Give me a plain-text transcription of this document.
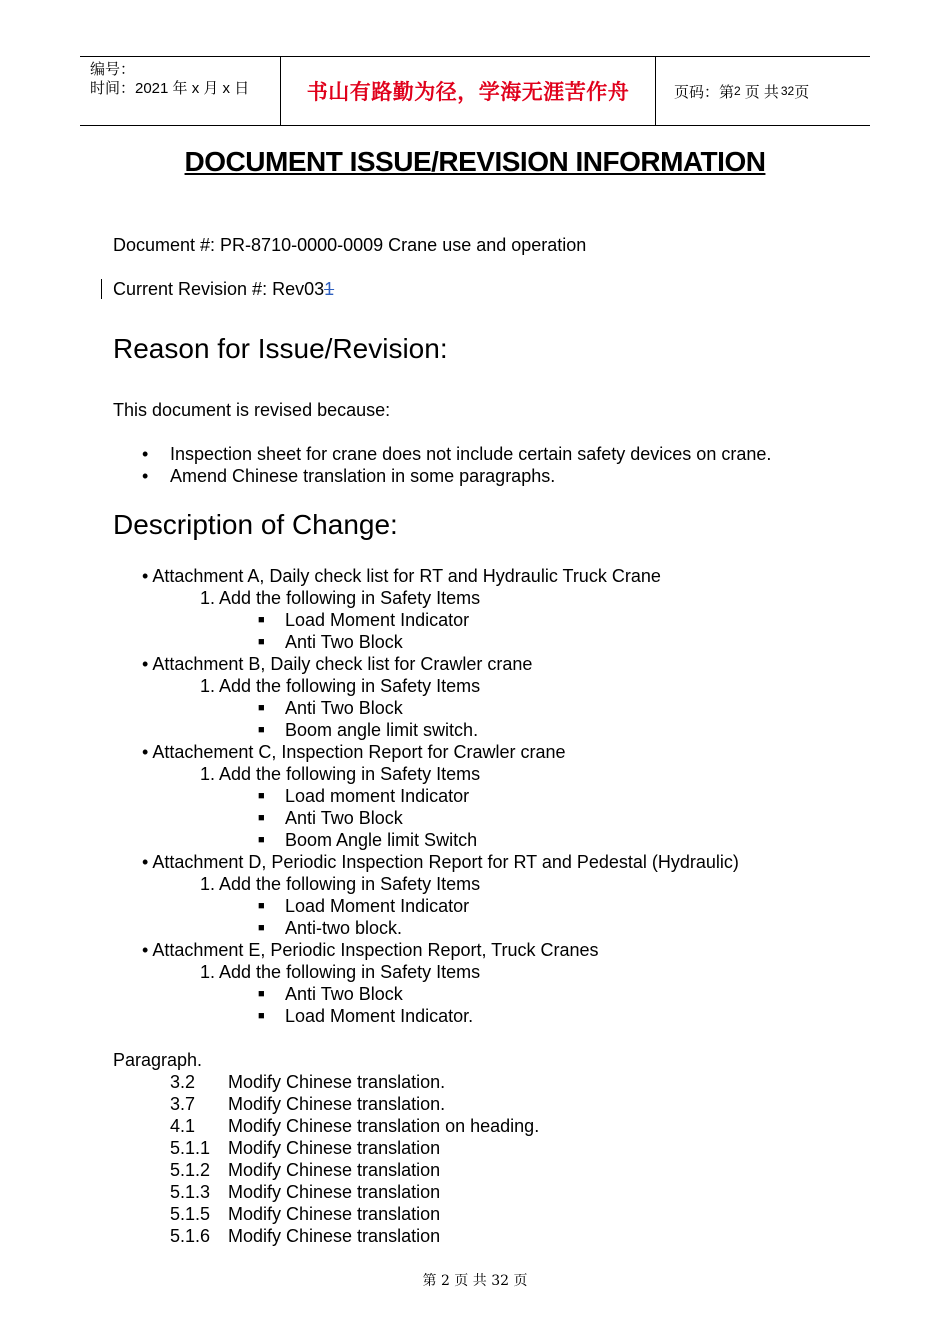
编号：
时间：2021 年 x 月 x 日	书山有路勤为径，学海无涯苦作舟	页码：第 2 页 共 32 页
DOCUMENT ISSUE/REVISION INFORMATION
Document #: PR-8710-0000-0009 Crane use and operation
Current Revision #: Rev031
Reason for Issue/Revision:
This document is revised because:
• Inspection sheet for crane does not include certain safety devices on crane.
• Amend Chinese translation in some paragraphs.
Description of Change:
• Attachment A, Daily check list for RT and Hydraulic Truck Crane
1. Add the following in Safety Items
■ Load Moment Indicator
■ Anti Two Block
• Attachment B, Daily check list for Crawler crane
1. Add the following in Safety Items
■ Anti Two Block
■ Boom angle limit switch.
• Attachement C, Inspection Report for Crawler crane
1. Add the following in Safety Items
■ Load moment Indicator
■ Anti Two Block
■ Boom Angle limit Switch
• Attachment D, Periodic Inspection Report for RT and Pedestal (Hydraulic)
1. Add the following in Safety Items
■ Load Moment Indicator
■ Anti-two block.
• Attachment E, Periodic Inspection Report, Truck Cranes
1. Add the following in Safety Items
■ Anti Two Block
■ Load Moment Indicator.
Paragraph.
3.2 Modify Chinese translation.
3.7 Modify Chinese translation.
4.1 Modify Chinese translation on heading.
5.1.1 Modify Chinese translation
5.1.2 Modify Chinese translation
5.1.3 Modify Chinese translation
5.1.5 Modify Chinese translation
5.1.6 Modify Chinese translation
第 2 页 共 32 页
